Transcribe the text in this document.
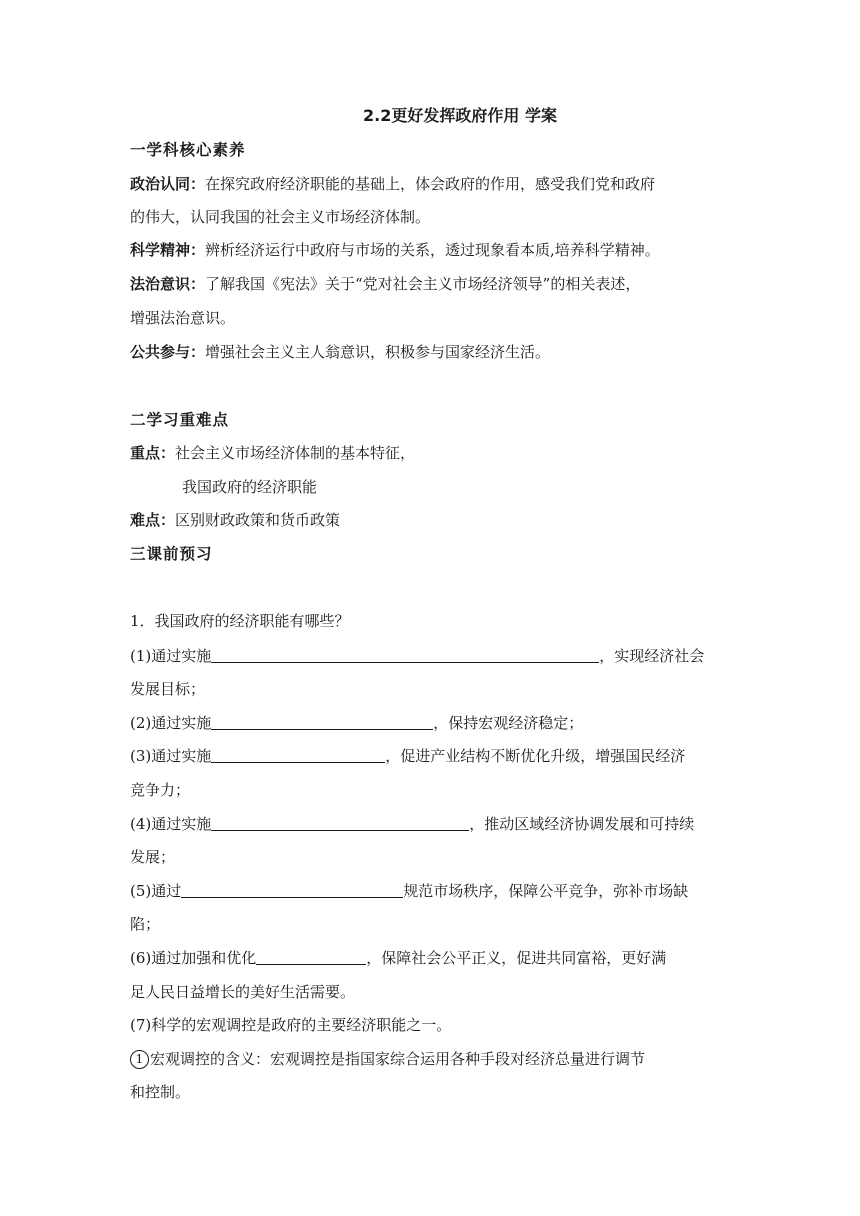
2.2更好发挥政府作用 学案
一学科核心素养
政治认同：在探究政府经济职能的基础上，体会政府的作用，感受我们党和政府
的伟大，认同我国的社会主义市场经济体制。
科学精神：辨析经济运行中政府与市场的关系，透过现象看本质,培养科学精神。
法治意识：了解我国《宪法》关于“党对社会主义市场经济领导”的相关表述，
增强法治意识。
公共参与：增强社会主义主人翁意识，积极参与国家经济生活。
二学习重难点
重点：社会主义市场经济体制的基本特征，
我国政府的经济职能
难点：区别财政政策和货币政策
三课前预习
1．我国政府的经济职能有哪些？
(1)通过实施	，实现经济社会
发展目标；
(2)通过实施	，保持宏观经济稳定；
(3)通过实施	，促进产业结构不断优化升级，增强国民经济
竞争力；
(4)通过实施	，推动区域经济协调发展和可持续
发展；
(5)通过	规范市场秩序，保障公平竞争，弥补市场缺
陷；
(6)通过加强和优化	，保障社会公平正义，促进共同富裕，更好满
足人民日益增长的美好生活需要。
(7)科学的宏观调控是政府的主要经济职能之一。
1 宏观调控的含义：宏观调控是指国家综合运用各种手段对经济总量进行调节
和控制。
